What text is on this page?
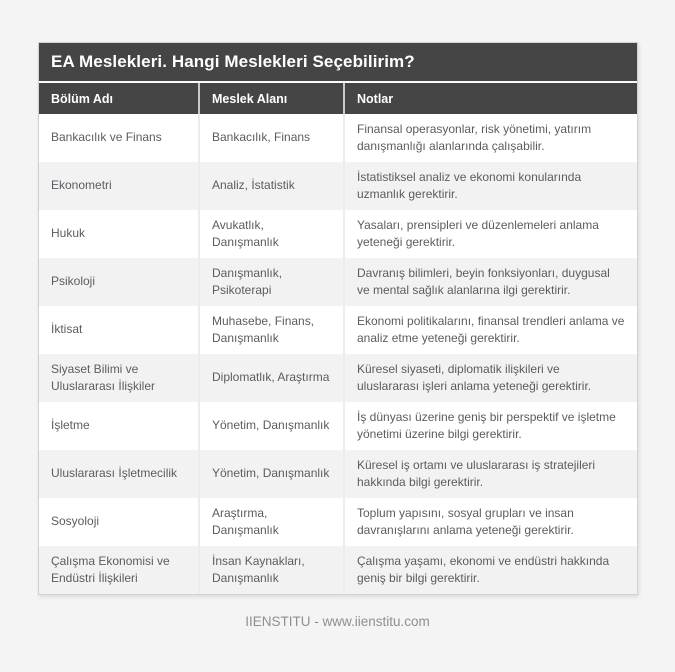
EA Meslekleri. Hangi Meslekleri Seçebilirim?
Bölüm Adı	Meslek Alanı	Notlar
Bankacılık ve Finans	Bankacılık, Finans	Finansal operasyonlar, risk yönetimi, yatırım danışmanlığı alanlarında çalışabilir.
Ekonometri	Analiz, İstatistik	İstatistiksel analiz ve ekonomi konularında uzmanlık gerektirir.
Hukuk	Avukatlık, Danışmanlık	Yasaları, prensipleri ve düzenlemeleri anlama yeteneği gerektirir.
Psikoloji	Danışmanlık, Psikoterapi	Davranış bilimleri, beyin fonksiyonları, duygusal ve mental sağlık alanlarına ilgi gerektirir.
İktisat	Muhasebe, Finans, Danışmanlık	Ekonomi politikalarını, finansal trendleri anlama ve analiz etme yeteneği gerektirir.
Siyaset Bilimi ve Uluslararası İlişkiler	Diplomatlık, Araştırma	Küresel siyaseti, diplomatik ilişkileri ve uluslararası işleri anlama yeteneği gerektirir.
İşletme	Yönetim, Danışmanlık	İş dünyası üzerine geniş bir perspektif ve işletme yönetimi üzerine bilgi gerektirir.
Uluslararası İşletmecilik	Yönetim, Danışmanlık	Küresel iş ortamı ve uluslararası iş stratejileri hakkında bilgi gerektirir.
Sosyoloji	Araştırma, Danışmanlık	Toplum yapısını, sosyal grupları ve insan davranışlarını anlama yeteneği gerektirir.
Çalışma Ekonomisi ve Endüstri İlişkileri	İnsan Kaynakları, Danışmanlık	Çalışma yaşamı, ekonomi ve endüstri hakkında geniş bir bilgi gerektirir.
IIENSTITU - www.iienstitu.com
